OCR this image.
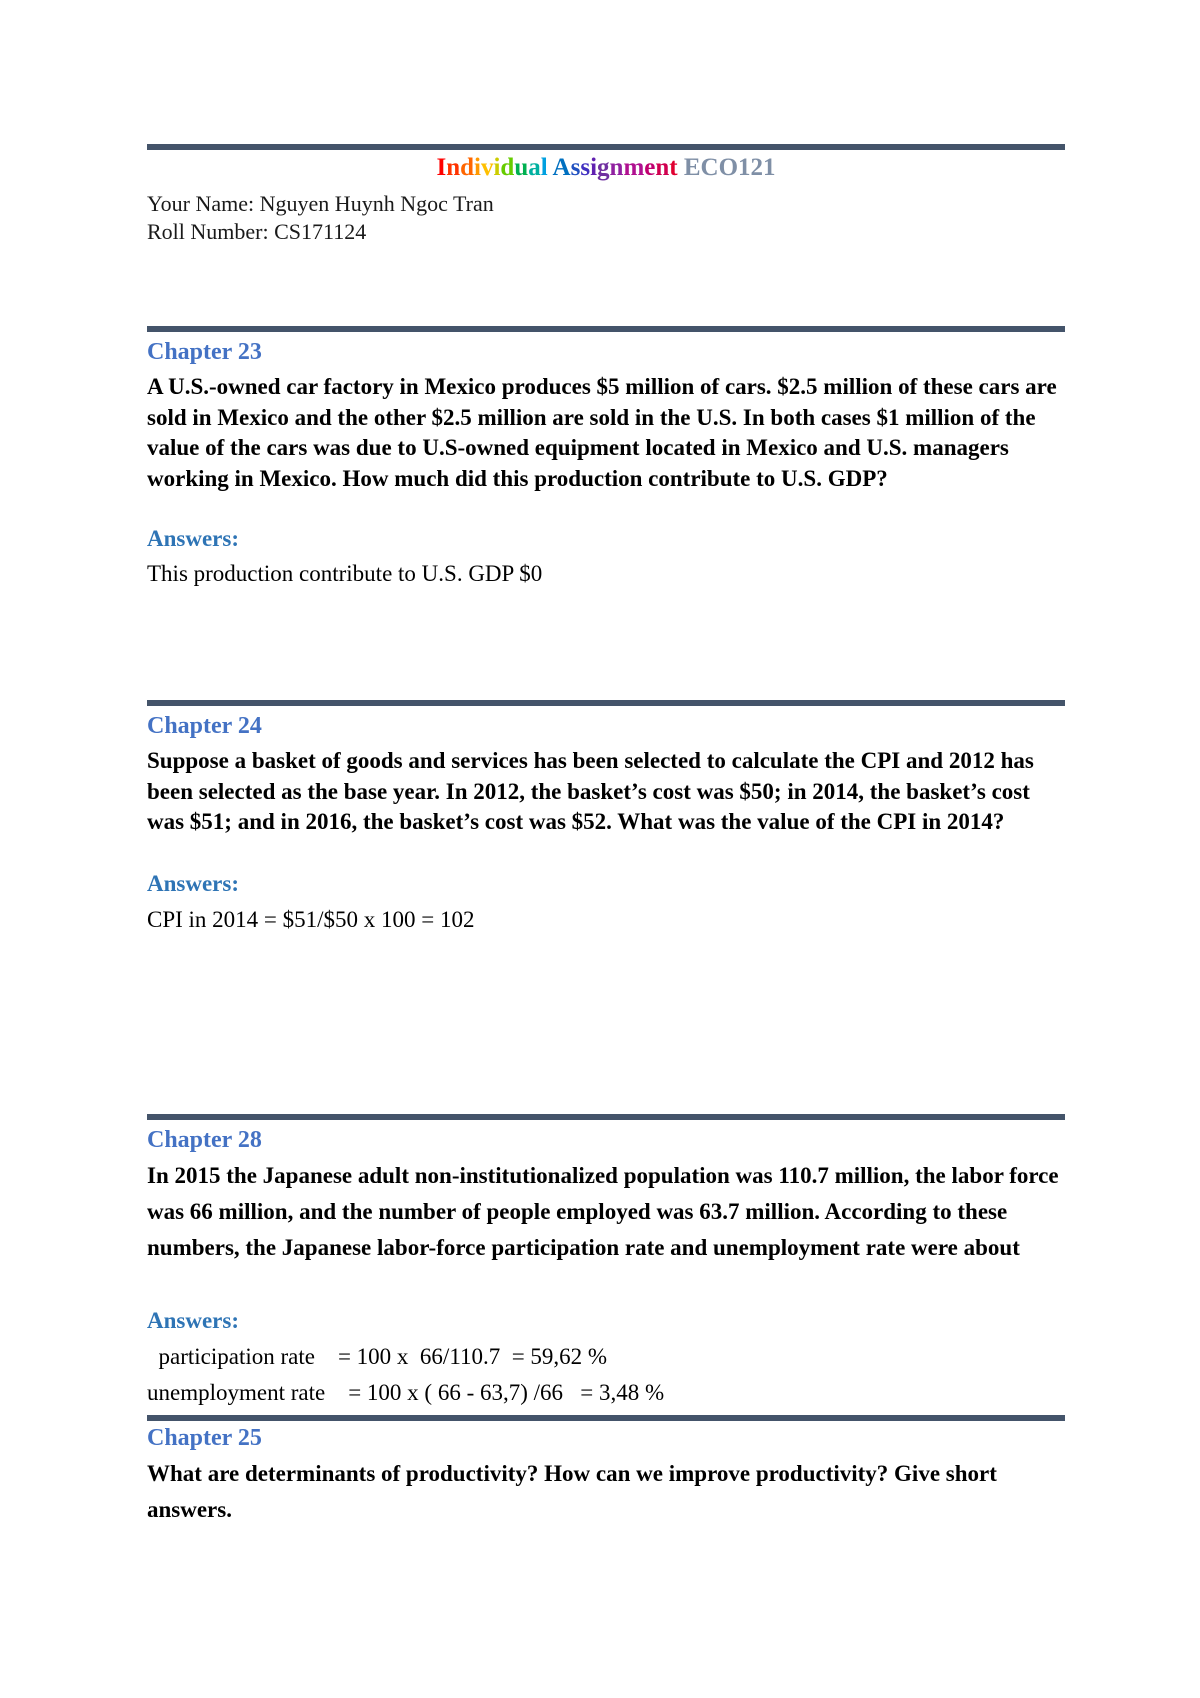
Individual Assignment ECO121
Your Name: Nguyen Huynh Ngoc Tran
Roll Number: CS171124
Chapter 23
A U.S.-owned car factory in Mexico produces $5 million of cars. $2.5 million of these cars are sold in Mexico and the other $2.5 million are sold in the U.S. In both cases $1 million of the value of the cars was due to U.S-owned equipment located in Mexico and U.S. managers working in Mexico. How much did this production contribute to U.S. GDP?
Answers:
This production contribute to U.S. GDP $0
Chapter 24
Suppose a basket of goods and services has been selected to calculate the CPI and 2012 has been selected as the base year. In 2012, the basket’s cost was $50; in 2014, the basket’s cost was $51; and in 2016, the basket’s cost was $52. What was the value of the CPI in 2014?
Answers:
CPI in 2014 = $51/$50 x 100 = 102
Chapter 28
In 2015 the Japanese adult non-institutionalized population was 110.7 million, the labor force was 66 million, and the number of people employed was 63.7 million. According to these numbers, the Japanese labor-force participation rate and unemployment rate were about
Answers:
participation rate    = 100 x  66/110.7  = 59,62 %
unemployment rate    = 100 x ( 66 - 63,7) /66   = 3,48 %
Chapter 25
What are determinants of productivity? How can we improve productivity? Give short answers.
